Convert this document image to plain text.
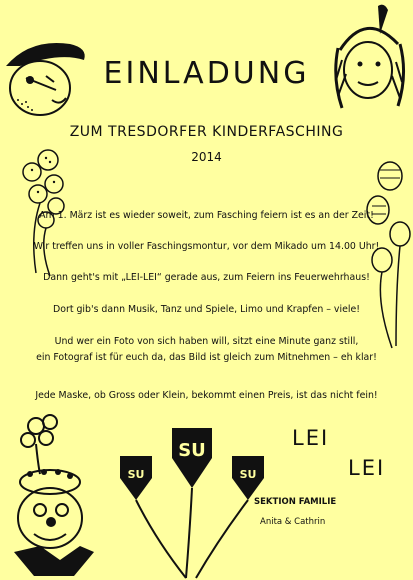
EINLADUNG
ZUM TRESDORFER KINDERFASCHING
2014
Am 1. März ist es wieder soweit, zum Fasching feiern ist es an der Zeit!
Wir treffen uns in voller Faschingsmontur, vor dem Mikado um 14.00 Uhr!
Dann geht's mit „LEI-LEI“ gerade aus, zum Feiern ins Feuerwehrhaus!
Dort gib's dann Musik, Tanz und Spiele, Limo und Krapfen – viele!
Und wer ein Foto von sich haben will, sitzt eine Minute ganz still,
ein Fotograf ist für euch da, das Bild ist gleich zum Mitnehmen – eh klar!
Jede Maske, ob Gross oder Klein, bekommt einen Preis, ist das nicht fein!
LEI
LEI
SEKTION FAMILIE
Anita & Cathrin
SU
SU	SU
